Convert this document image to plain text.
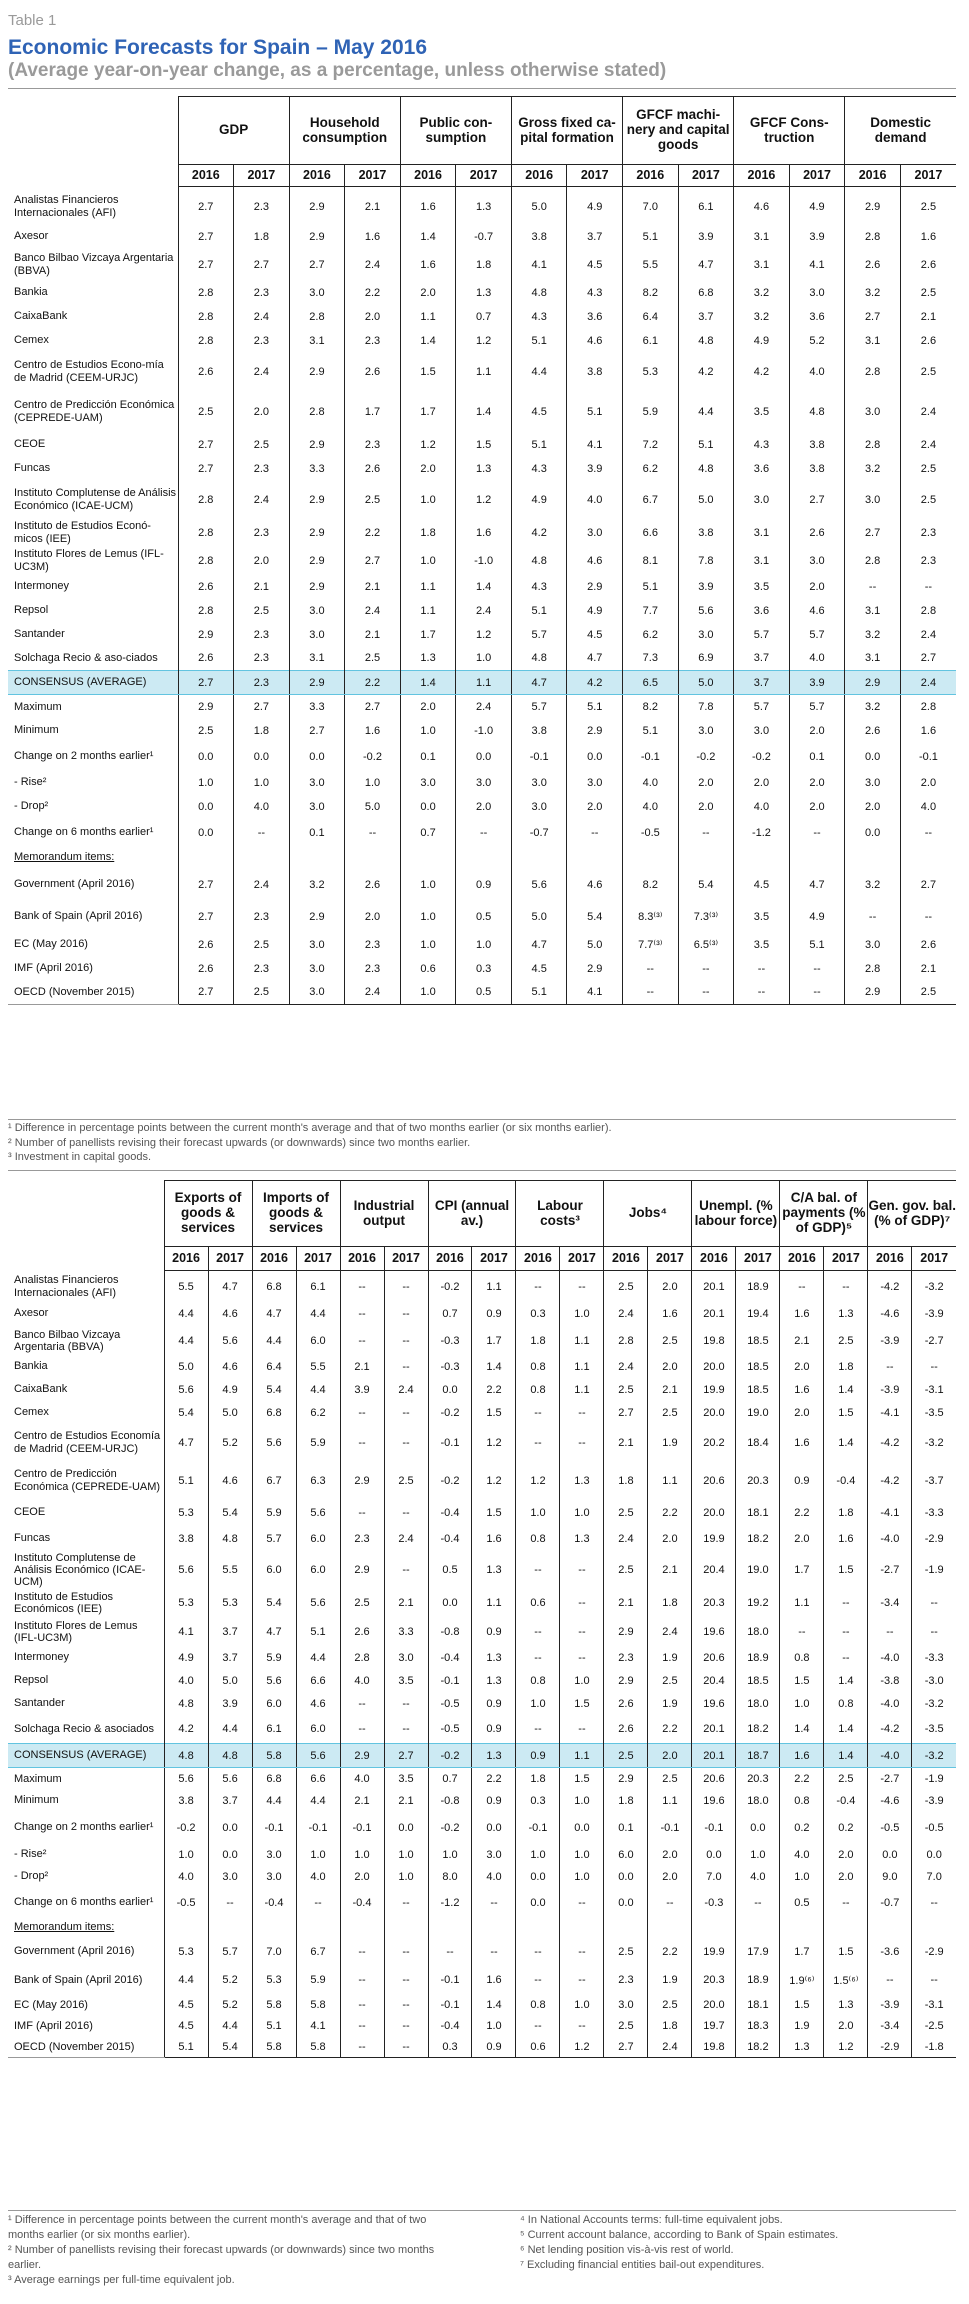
Table 1
Economic Forecasts for Spain – May 2016
(Average year-on-year change, as a percentage, unless otherwise stated)
	GDP		Household consumption		Public con-sumption		Gross fixed ca-pital formation		GFCF machi-nery and capital goods		GFCF Cons-truction		Domestic demand	
	2016	2017	2016	2017	2016	2017	2016	2017	2016	2017	2016	2017	2016	2017
Analistas Financieros Internacionales (AFI)	2.7	2.3	2.9	2.1	1.6	1.3	5.0	4.9	7.0	6.1	4.6	4.9	2.9	2.5
Axesor	2.7	1.8	2.9	1.6	1.4	-0.7	3.8	3.7	5.1	3.9	3.1	3.9	2.8	1.6
Banco Bilbao Vizcaya Argentaria (BBVA)	2.7	2.7	2.7	2.4	1.6	1.8	4.1	4.5	5.5	4.7	3.1	4.1	2.6	2.6
Bankia	2.8	2.3	3.0	2.2	2.0	1.3	4.8	4.3	8.2	6.8	3.2	3.0	3.2	2.5
CaixaBank	2.8	2.4	2.8	2.0	1.1	0.7	4.3	3.6	6.4	3.7	3.2	3.6	2.7	2.1
Cemex	2.8	2.3	3.1	2.3	1.4	1.2	5.1	4.6	6.1	4.8	4.9	5.2	3.1	2.6
Centro de Estudios Econo-mía de Madrid (CEEM-URJC)	2.6	2.4	2.9	2.6	1.5	1.1	4.4	3.8	5.3	4.2	4.2	4.0	2.8	2.5
Centro de Predicción Económica (CEPREDE-UAM)	2.5	2.0	2.8	1.7	1.7	1.4	4.5	5.1	5.9	4.4	3.5	4.8	3.0	2.4
CEOE	2.7	2.5	2.9	2.3	1.2	1.5	5.1	4.1	7.2	5.1	4.3	3.8	2.8	2.4
Funcas	2.7	2.3	3.3	2.6	2.0	1.3	4.3	3.9	6.2	4.8	3.6	3.8	3.2	2.5
Instituto Complutense de Análisis Económico (ICAE-UCM)	2.8	2.4	2.9	2.5	1.0	1.2	4.9	4.0	6.7	5.0	3.0	2.7	3.0	2.5
Instituto de Estudios Econó-micos (IEE)	2.8	2.3	2.9	2.2	1.8	1.6	4.2	3.0	6.6	3.8	3.1	2.6	2.7	2.3
Instituto Flores de Lemus (IFL-UC3M)	2.8	2.0	2.9	2.7	1.0	-1.0	4.8	4.6	8.1	7.8	3.1	3.0	2.8	2.3
Intermoney	2.6	2.1	2.9	2.1	1.1	1.4	4.3	2.9	5.1	3.9	3.5	2.0	--	--
Repsol	2.8	2.5	3.0	2.4	1.1	2.4	5.1	4.9	7.7	5.6	3.6	4.6	3.1	2.8
Santander	2.9	2.3	3.0	2.1	1.7	1.2	5.7	4.5	6.2	3.0	5.7	5.7	3.2	2.4
Solchaga Recio & aso-ciados	2.6	2.3	3.1	2.5	1.3	1.0	4.8	4.7	7.3	6.9	3.7	4.0	3.1	2.7
CONSENSUS (AVERAGE)	2.7	2.3	2.9	2.2	1.4	1.1	4.7	4.2	6.5	5.0	3.7	3.9	2.9	2.4
Maximum	2.9	2.7	3.3	2.7	2.0	2.4	5.7	5.1	8.2	7.8	5.7	5.7	3.2	2.8
Minimum	2.5	1.8	2.7	1.6	1.0	-1.0	3.8	2.9	5.1	3.0	3.0	2.0	2.6	1.6
Change on 2 months earlier¹	0.0	0.0	0.0	-0.2	0.1	0.0	-0.1	0.0	-0.1	-0.2	-0.2	0.1	0.0	-0.1
- Rise²	1.0	1.0	3.0	1.0	3.0	3.0	3.0	3.0	4.0	2.0	2.0	2.0	3.0	2.0
- Drop²	0.0	4.0	3.0	5.0	0.0	2.0	3.0	2.0	4.0	2.0	4.0	2.0	2.0	4.0
Change on 6 months earlier¹	0.0	--	0.1	--	0.7	--	-0.7	--	-0.5	--	-1.2	--	0.0	--
Memorandum items:														
Government (April 2016)	2.7	2.4	3.2	2.6	1.0	0.9	5.6	4.6	8.2	5.4	4.5	4.7	3.2	2.7
Bank of Spain (April 2016)	2.7	2.3	2.9	2.0	1.0	0.5	5.0	5.4	8.3⁽³⁾	7.3⁽³⁾	3.5	4.9	--	--
EC (May 2016)	2.6	2.5	3.0	2.3	1.0	1.0	4.7	5.0	7.7⁽³⁾	6.5⁽³⁾	3.5	5.1	3.0	2.6
IMF (April 2016)	2.6	2.3	3.0	2.3	0.6	0.3	4.5	2.9	--	--	--	--	2.8	2.1
OECD (November 2015)	2.7	2.5	3.0	2.4	1.0	0.5	5.1	4.1	--	--	--	--	2.9	2.5
¹ Difference in percentage points between the current month's average and that of two months earlier (or six months earlier).
² Number of panellists revising their forecast upwards (or downwards) since two months earlier.
³ Investment in capital goods.
	Exports of goods & services		Imports of goods & services		Industrial output		CPI (annual av.)		Labour costs³		Jobs⁴		Unempl. (% labour force)		C/A bal. of payments (% of GDP)⁵		Gen. gov. bal. (% of GDP)⁷	
	2016	2017	2016	2017	2016	2017	2016	2017	2016	2017	2016	2017	2016	2017	2016	2017	2016	2017
Analistas Financieros Internacionales (AFI)	5.5	4.7	6.8	6.1	--	--	-0.2	1.1	--	--	2.5	2.0	20.1	18.9	--	--	-4.2	-3.2
Axesor	4.4	4.6	4.7	4.4	--	--	0.7	0.9	0.3	1.0	2.4	1.6	20.1	19.4	1.6	1.3	-4.6	-3.9
Banco Bilbao Vizcaya Argentaria (BBVA)	4.4	5.6	4.4	6.0	--	--	-0.3	1.7	1.8	1.1	2.8	2.5	19.8	18.5	2.1	2.5	-3.9	-2.7
Bankia	5.0	4.6	6.4	5.5	2.1	--	-0.3	1.4	0.8	1.1	2.4	2.0	20.0	18.5	2.0	1.8	--	--
CaixaBank	5.6	4.9	5.4	4.4	3.9	2.4	0.0	2.2	0.8	1.1	2.5	2.1	19.9	18.5	1.6	1.4	-3.9	-3.1
Cemex	5.4	5.0	6.8	6.2	--	--	-0.2	1.5	--	--	2.7	2.5	20.0	19.0	2.0	1.5	-4.1	-3.5
Centro de Estudios Economía de Madrid (CEEM-URJC)	4.7	5.2	5.6	5.9	--	--	-0.1	1.2	--	--	2.1	1.9	20.2	18.4	1.6	1.4	-4.2	-3.2
Centro de Predicción Económica (CEPREDE-UAM)	5.1	4.6	6.7	6.3	2.9	2.5	-0.2	1.2	1.2	1.3	1.8	1.1	20.6	20.3	0.9	-0.4	-4.2	-3.7
CEOE	5.3	5.4	5.9	5.6	--	--	-0.4	1.5	1.0	1.0	2.5	2.2	20.0	18.1	2.2	1.8	-4.1	-3.3
Funcas	3.8	4.8	5.7	6.0	2.3	2.4	-0.4	1.6	0.8	1.3	2.4	2.0	19.9	18.2	2.0	1.6	-4.0	-2.9
Instituto Complutense de Análisis Económico (ICAE-UCM)	5.6	5.5	6.0	6.0	2.9	--	0.5	1.3	--	--	2.5	2.1	20.4	19.0	1.7	1.5	-2.7	-1.9
Instituto de Estudios Económicos (IEE)	5.3	5.3	5.4	5.6	2.5	2.1	0.0	1.1	0.6	--	2.1	1.8	20.3	19.2	1.1	--	-3.4	--
Instituto Flores de Lemus (IFL-UC3M)	4.1	3.7	4.7	5.1	2.6	3.3	-0.8	0.9	--	--	2.9	2.4	19.6	18.0	--	--	--	--
Intermoney	4.9	3.7	5.9	4.4	2.8	3.0	-0.4	1.3	--	--	2.3	1.9	20.6	18.9	0.8	--	-4.0	-3.3
Repsol	4.0	5.0	5.6	6.6	4.0	3.5	-0.1	1.3	0.8	1.0	2.9	2.5	20.4	18.5	1.5	1.4	-3.8	-3.0
Santander	4.8	3.9	6.0	4.6	--	--	-0.5	0.9	1.0	1.5	2.6	1.9	19.6	18.0	1.0	0.8	-4.0	-3.2
Solchaga Recio & asociados	4.2	4.4	6.1	6.0	--	--	-0.5	0.9	--	--	2.6	2.2	20.1	18.2	1.4	1.4	-4.2	-3.5
CONSENSUS (AVERAGE)	4.8	4.8	5.8	5.6	2.9	2.7	-0.2	1.3	0.9	1.1	2.5	2.0	20.1	18.7	1.6	1.4	-4.0	-3.2
Maximum	5.6	5.6	6.8	6.6	4.0	3.5	0.7	2.2	1.8	1.5	2.9	2.5	20.6	20.3	2.2	2.5	-2.7	-1.9
Minimum	3.8	3.7	4.4	4.4	2.1	2.1	-0.8	0.9	0.3	1.0	1.8	1.1	19.6	18.0	0.8	-0.4	-4.6	-3.9
Change on 2 months earlier¹	-0.2	0.0	-0.1	-0.1	-0.1	0.0	-0.2	0.0	-0.1	0.0	0.1	-0.1	-0.1	0.0	0.2	0.2	-0.5	-0.5
- Rise²	1.0	0.0	3.0	1.0	1.0	1.0	1.0	3.0	1.0	1.0	6.0	2.0	0.0	1.0	4.0	2.0	0.0	0.0
- Drop²	4.0	3.0	3.0	4.0	2.0	1.0	8.0	4.0	0.0	1.0	0.0	2.0	7.0	4.0	1.0	2.0	9.0	7.0
Change on 6 months earlier¹	-0.5	--	-0.4	--	-0.4	--	-1.2	--	0.0	--	0.0	--	-0.3	--	0.5	--	-0.7	--
Memorandum items:																		
Government (April 2016)	5.3	5.7	7.0	6.7	--	--	--	--	--	--	2.5	2.2	19.9	17.9	1.7	1.5	-3.6	-2.9
Bank of Spain (April 2016)	4.4	5.2	5.3	5.9	--	--	-0.1	1.6	--	--	2.3	1.9	20.3	18.9	1.9⁽⁶⁾	1.5⁽⁶⁾	--	--
EC (May 2016)	4.5	5.2	5.8	5.8	--	--	-0.1	1.4	0.8	1.0	3.0	2.5	20.0	18.1	1.5	1.3	-3.9	-3.1
IMF (April 2016)	4.5	4.4	5.1	4.1	--	--	-0.4	1.0	--	--	2.5	1.8	19.7	18.3	1.9	2.0	-3.4	-2.5
OECD (November 2015)	5.1	5.4	5.8	5.8	--	--	0.3	0.9	0.6	1.2	2.7	2.4	19.8	18.2	1.3	1.2	-2.9	-1.8
¹ Difference in percentage points between the current month's average and that of two months earlier (or six months earlier).
² Number of panellists revising their forecast upwards (or downwards) since two months earlier.
³ Average earnings per full-time equivalent job.
⁴ In National Accounts terms: full-time equivalent jobs.
⁵ Current account balance, according to Bank of Spain estimates.
⁶ Net lending position vis-à-vis rest of world.
⁷ Excluding financial entities bail-out expenditures.
